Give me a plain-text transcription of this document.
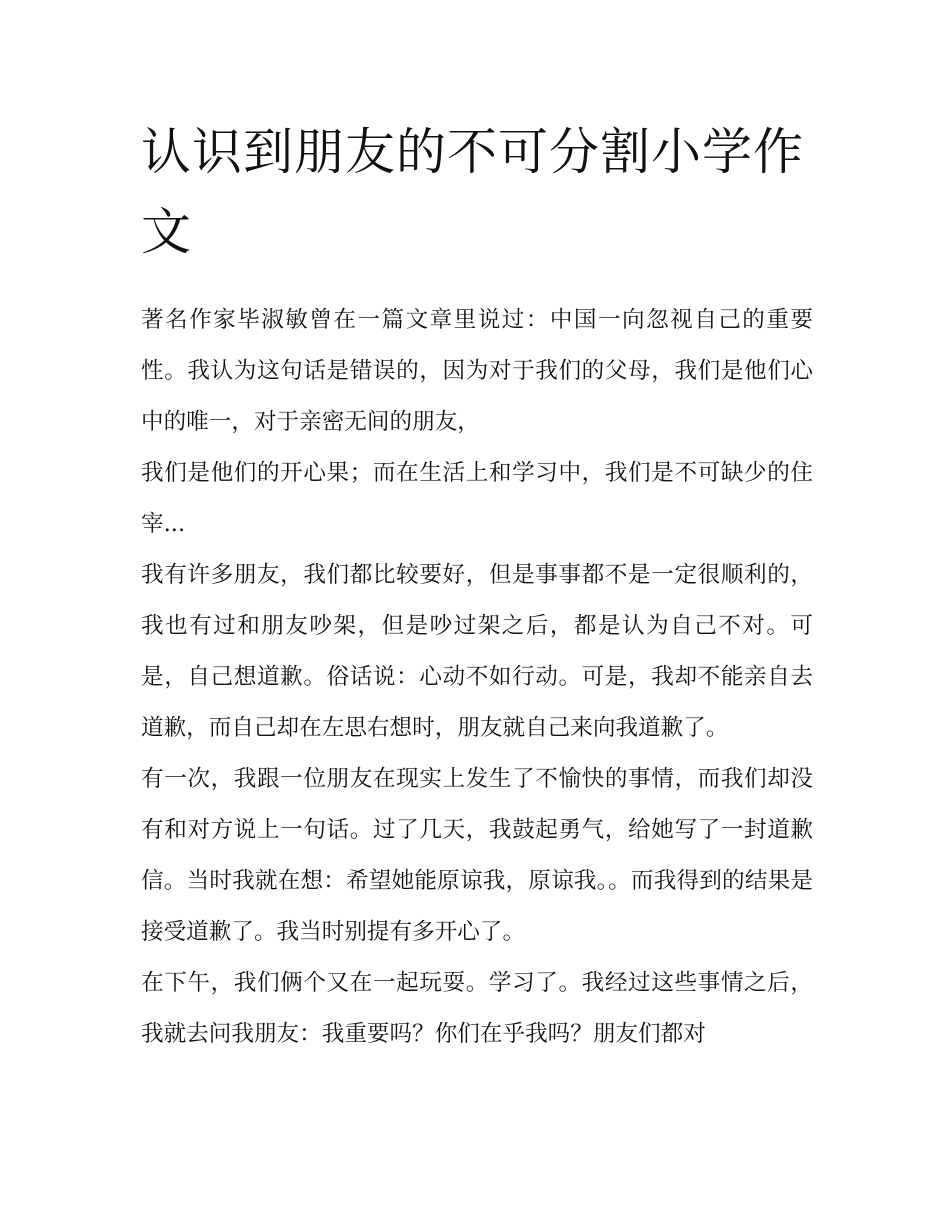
认识到朋友的不可分割小学作文

著名作家毕淑敏曾在一篇文章里说过：中国一向忽视自己的重要性。我认为这句话是错误的，因为对于我们的父母，我们是他们心中的唯一，对于亲密无间的朋友，

我们是他们的开心果；而在生活上和学习中，我们是不可缺少的住宰...

我有许多朋友，我们都比较要好，但是事事都不是一定很顺利的，我也有过和朋友吵架，但是吵过架之后，都是认为自己不对。可是，自己想道歉。俗话说：心动不如行动。可是，我却不能亲自去道歉，而自己却在左思右想时，朋友就自己来向我道歉了。

有一次，我跟一位朋友在现实上发生了不愉快的事情，而我们却没有和对方说上一句话。过了几天，我鼓起勇气，给她写了一封道歉信。当时我就在想：希望她能原谅我，原谅我。。而我得到的结果是接受道歉了。我当时别提有多开心了。

在下午，我们俩个又在一起玩耍。学习了。我经过这些事情之后，我就去问我朋友：我重要吗？你们在乎我吗？朋友们都对
